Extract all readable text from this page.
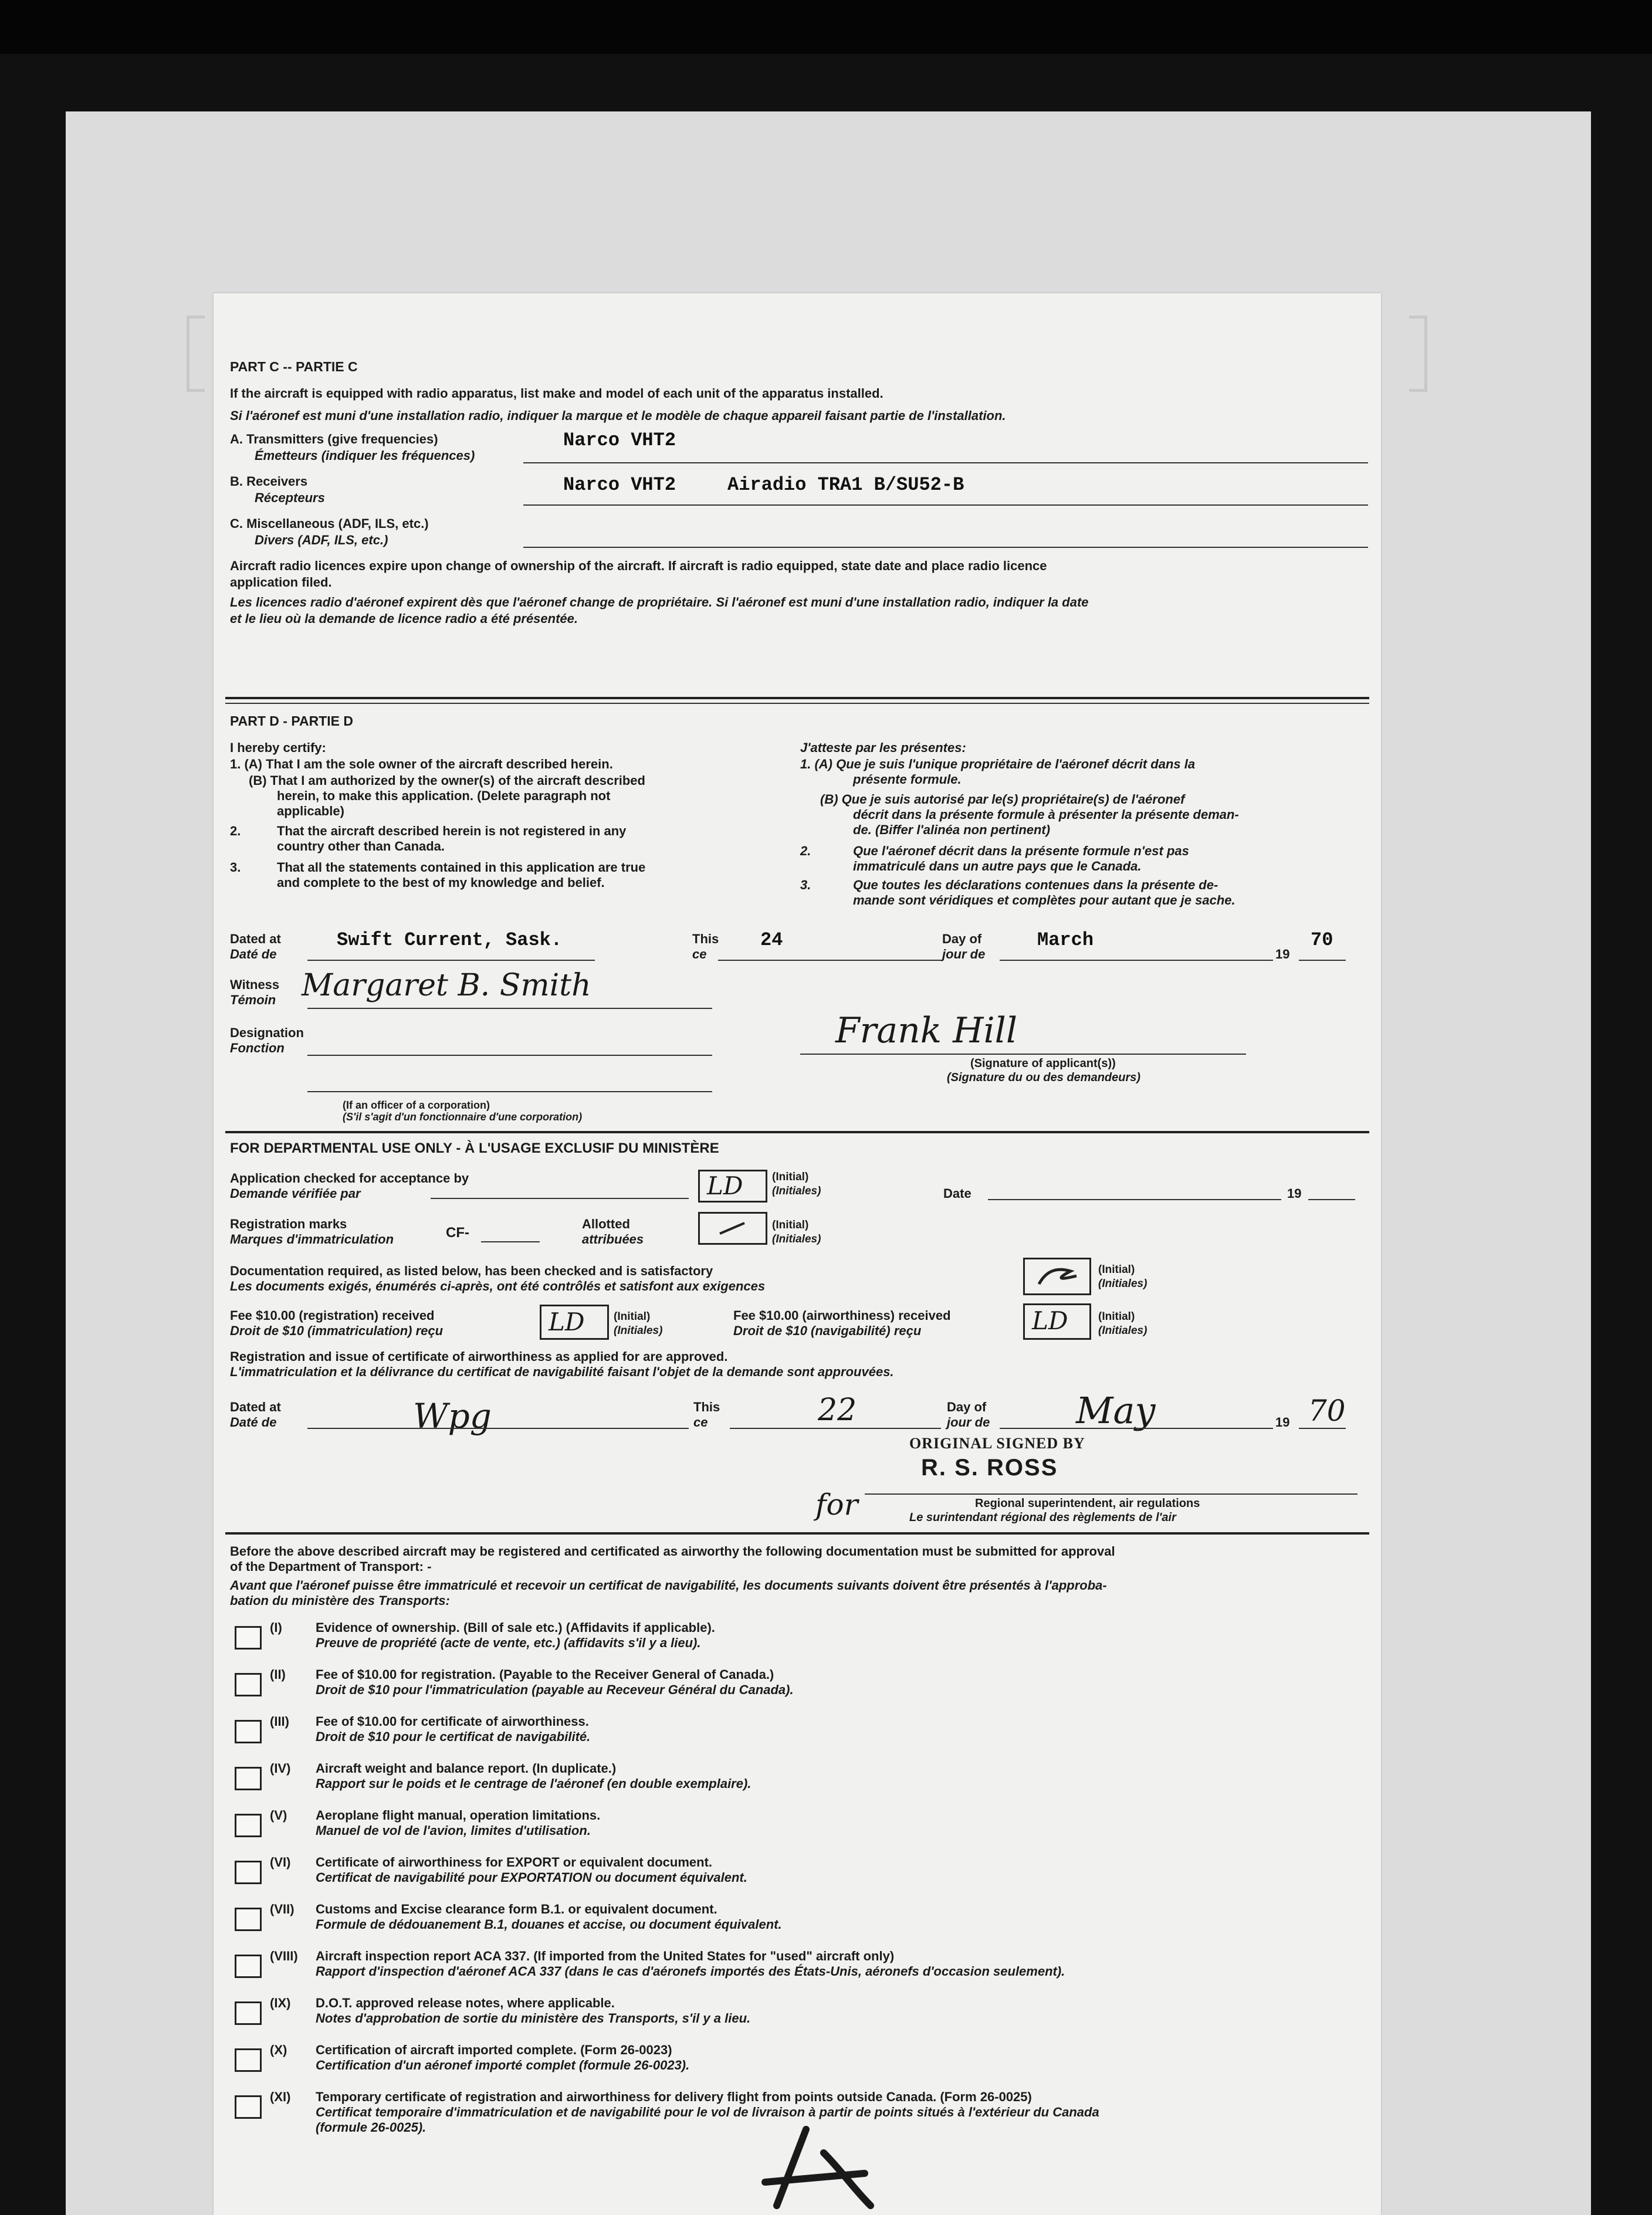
PART C -- PARTIE C
If the aircraft is equipped with radio apparatus, list make and model of each unit of the apparatus installed.
Si l'aéronef est muni d'une installation radio, indiquer la marque et le modèle de chaque appareil faisant partie de l'installation.
A. Transmitters (give frequencies)
Émetteurs (indiquer les fréquences)
Narco VHT2
B. Receivers
Récepteurs
Narco VHT2	Airadio TRA1 B/SU52-B
C. Miscellaneous (ADF, ILS, etc.)
Divers (ADF, ILS, etc.)
Aircraft radio licences expire upon change of ownership of the aircraft. If aircraft is radio equipped, state date and place radio licence
application filed.
Les licences radio d'aéronef expirent dès que l'aéronef change de propriétaire. Si l'aéronef est muni d'une installation radio, indiquer la date
et le lieu où la demande de licence radio a été présentée.
PART D - PARTIE D
I hereby certify:
1. (A) That I am the sole owner of the aircraft described herein.
(B) That I am authorized by the owner(s) of the aircraft described
herein, to make this application. (Delete paragraph not
applicable)
2.	That the aircraft described herein is not registered in any
country other than Canada.
3.	That all the statements contained in this application are true
and complete to the best of my knowledge and belief.
J'atteste par les présentes:
1. (A) Que je suis l'unique propriétaire de l'aéronef décrit dans la
présente formule.
(B) Que je suis autorisé par le(s) propriétaire(s) de l'aéronef
décrit dans la présente formule à présenter la présente deman-
de. (Biffer l'alinéa non pertinent)
2.	Que l'aéronef décrit dans la présente formule n'est pas
immatriculé dans un autre pays que le Canada.
3.	Que toutes les déclarations contenues dans la présente de-
mande sont véridiques et complètes pour autant que je sache.
Dated at
Daté de
Swift Current, Sask.	This
ce
24	Day of
jour de
March
19
70
Witness
Témoin Margaret B. Smith
Designation
Fonction
(If an officer of a corporation)
(S'il s'agit d'un fonctionnaire d'une corporation)
Frank Hill
(Signature of applicant(s))
(Signature du ou des demandeurs)
FOR DEPARTMENTAL USE ONLY - À L'USAGE EXCLUSIF DU MINISTÈRE
Application checked for acceptance by
Demande vérifiée par	LD	(Initial)
(Initiales)	Date	19
Registration marks
Marques d'immatriculation	CF-
Allotted
attribuées
(Initial)
(Initiales)
Documentation required, as listed below, has been checked and is satisfactory
Les documents exigés, énumérés ci-après, ont été contrôlés et satisfont aux exigences
(Initial)
(Initiales)
Fee $10.00 (registration) received
Droit de $10 (immatriculation) reçu	LD	(Initial)
(Initiales)
Fee $10.00 (airworthiness) received
Droit de $10 (navigabilité) reçu	LD	(Initial)
(Initiales)
Registration and issue of certificate of airworthiness as applied for are approved.
L'immatriculation et la délivrance du certificat de navigabilité faisant l'objet de la demande sont approuvées.
Dated at
Daté de	Wpg	This
ce	22	Day of
jour de May	19 70
ORIGINAL SIGNED BY
R. S. ROSS
for	Regional superintendent, air regulations
Le surintendant régional des règlements de l'air
Before the above described aircraft may be registered and certificated as airworthy the following documentation must be submitted for approval
of the Department of Transport: -
Avant que l'aéronef puisse être immatriculé et recevoir un certificat de navigabilité, les documents suivants doivent être présentés à l'approba-
bation du ministère des Transports:
(I)	Evidence of ownership. (Bill of sale etc.) (Affidavits if applicable).
Preuve de propriété (acte de vente, etc.) (affidavits s'il y a lieu).
(II) Fee of $10.00 for registration. (Payable to the Receiver General of Canada.)
Droit de $10 pour l'immatriculation (payable au Receveur Général du Canada).
(III) Fee of $10.00 for certificate of airworthiness.
Droit de $10 pour le certificat de navigabilité.
(IV) Aircraft weight and balance report. (In duplicate.)
Rapport sur le poids et le centrage de l'aéronef (en double exemplaire).
(V) Aeroplane flight manual, operation limitations.
Manuel de vol de l'avion, limites d'utilisation.
(VI) Certificate of airworthiness for EXPORT or equivalent document.
Certificat de navigabilité pour EXPORTATION ou document équivalent.
(VII) Customs and Excise clearance form B.1. or equivalent document.
Formule de dédouanement B.1, douanes et accise, ou document équivalent.
(VIII) Aircraft inspection report ACA 337. (If imported from the United States for "used" aircraft only)
Rapport d'inspection d'aéronef ACA 337 (dans le cas d'aéronefs importés des États-Unis, aéronefs d'occasion seulement).
(IX) D.O.T. approved release notes, where applicable.
Notes d'approbation de sortie du ministère des Transports, s'il y a lieu.
(X) Certification of aircraft imported complete. (Form 26-0023)
Certification d'un aéronef importé complet (formule 26-0023).
(XI) Temporary certificate of registration and airworthiness for delivery flight from points outside Canada. (Form 26-0025)
Certificat temporaire d'immatriculation et de navigabilité pour le vol de livraison à partir de points situés à l'extérieur du Canada
(formule 26-0025).
